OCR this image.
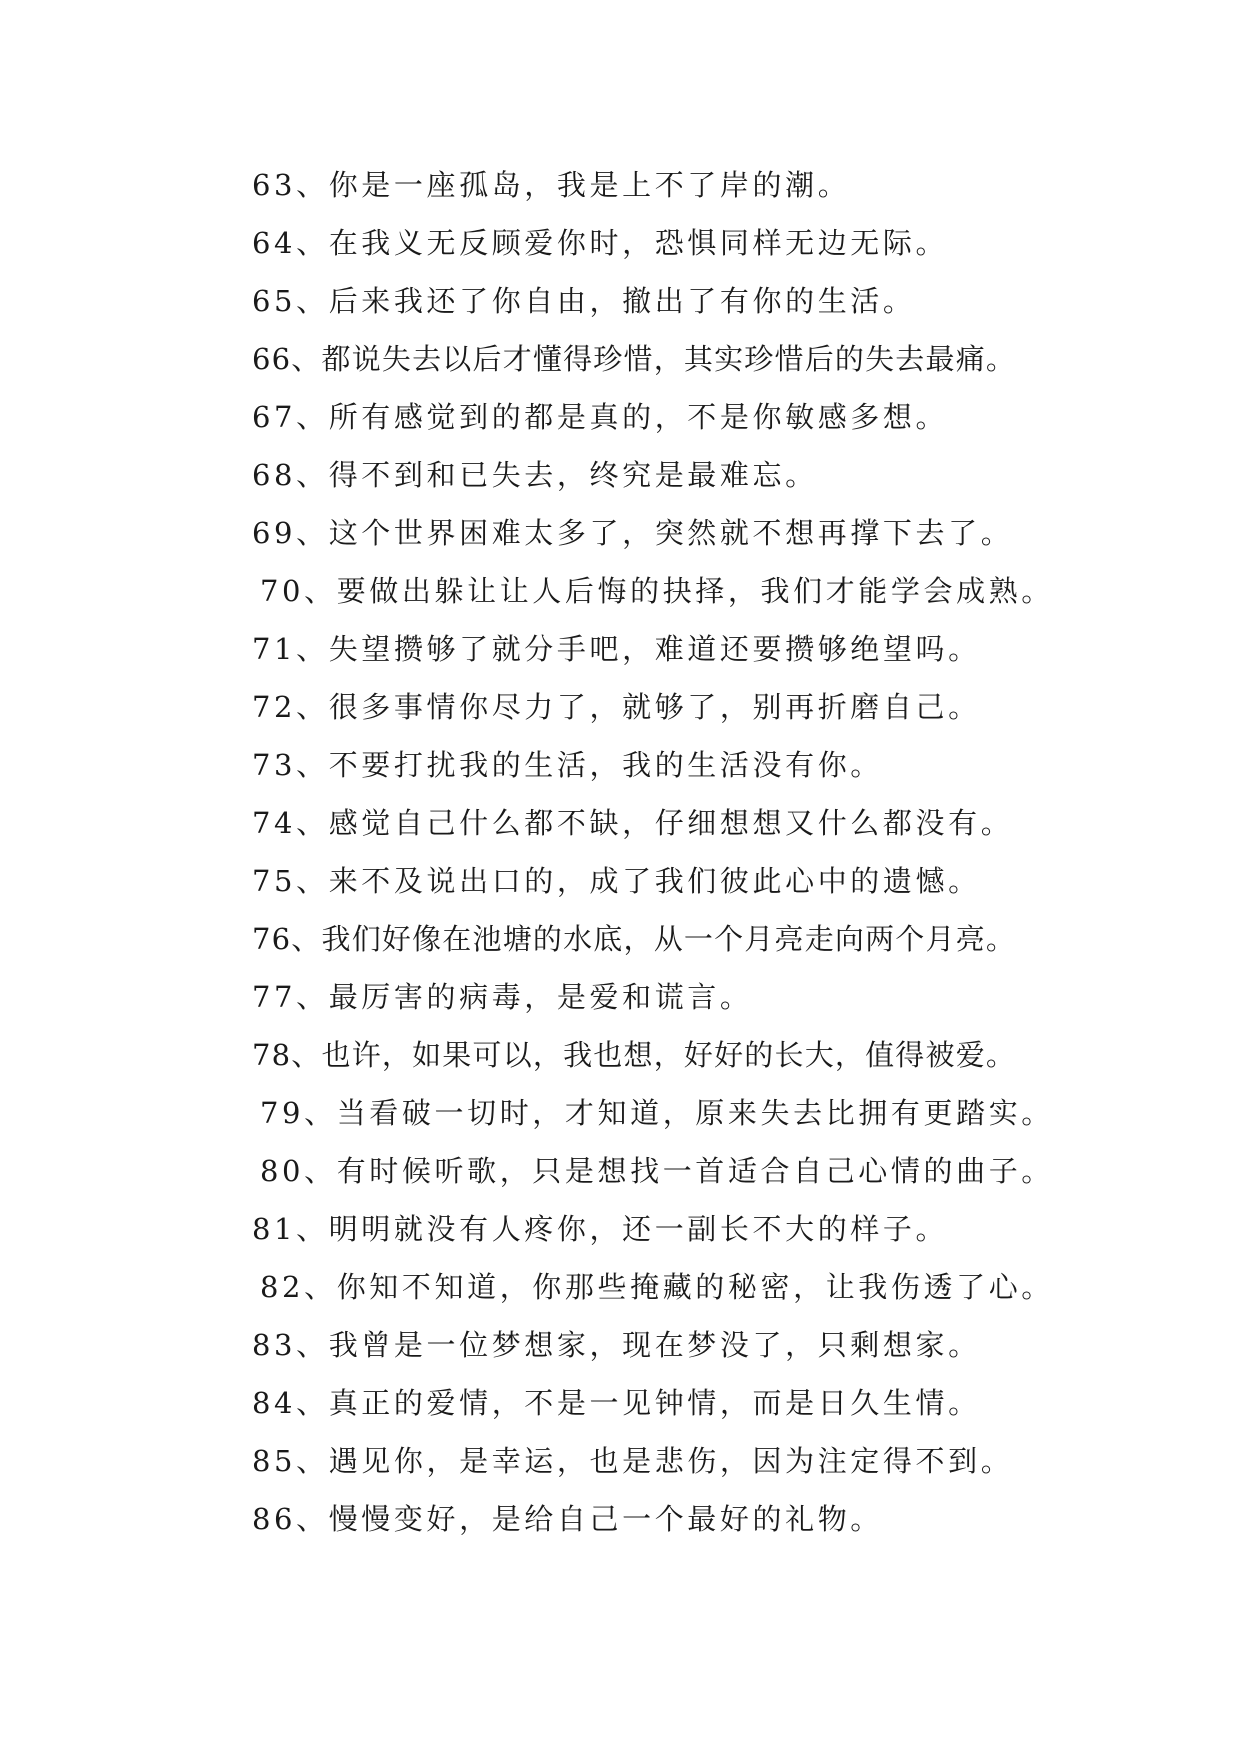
63、你是一座孤岛，我是上不了岸的潮。
64、在我义无反顾爱你时，恐惧同样无边无际。
65、后来我还了你自由，撤出了有你的生活。
66、都说失去以后才懂得珍惜，其实珍惜后的失去最痛。
67、所有感觉到的都是真的，不是你敏感多想。
68、得不到和已失去，终究是最难忘。
69、这个世界困难太多了，突然就不想再撑下去了。
70、要做出躲让让人后悔的抉择，我们才能学会成熟。
71、失望攒够了就分手吧，难道还要攒够绝望吗。
72、很多事情你尽力了，就够了，别再折磨自己。
73、不要打扰我的生活，我的生活没有你。
74、感觉自己什么都不缺，仔细想想又什么都没有。
75、来不及说出口的，成了我们彼此心中的遗憾。
76、我们好像在池塘的水底，从一个月亮走向两个月亮。
77、最厉害的病毒，是爱和谎言。
78、也许，如果可以，我也想，好好的长大，值得被爱。
79、当看破一切时，才知道，原来失去比拥有更踏实。
80、有时候听歌，只是想找一首适合自己心情的曲子。
81、明明就没有人疼你，还一副长不大的样子。
82、你知不知道，你那些掩藏的秘密，让我伤透了心。
83、我曾是一位梦想家，现在梦没了，只剩想家。
84、真正的爱情，不是一见钟情，而是日久生情。
85、遇见你，是幸运，也是悲伤，因为注定得不到。
86、慢慢变好，是给自己一个最好的礼物。
